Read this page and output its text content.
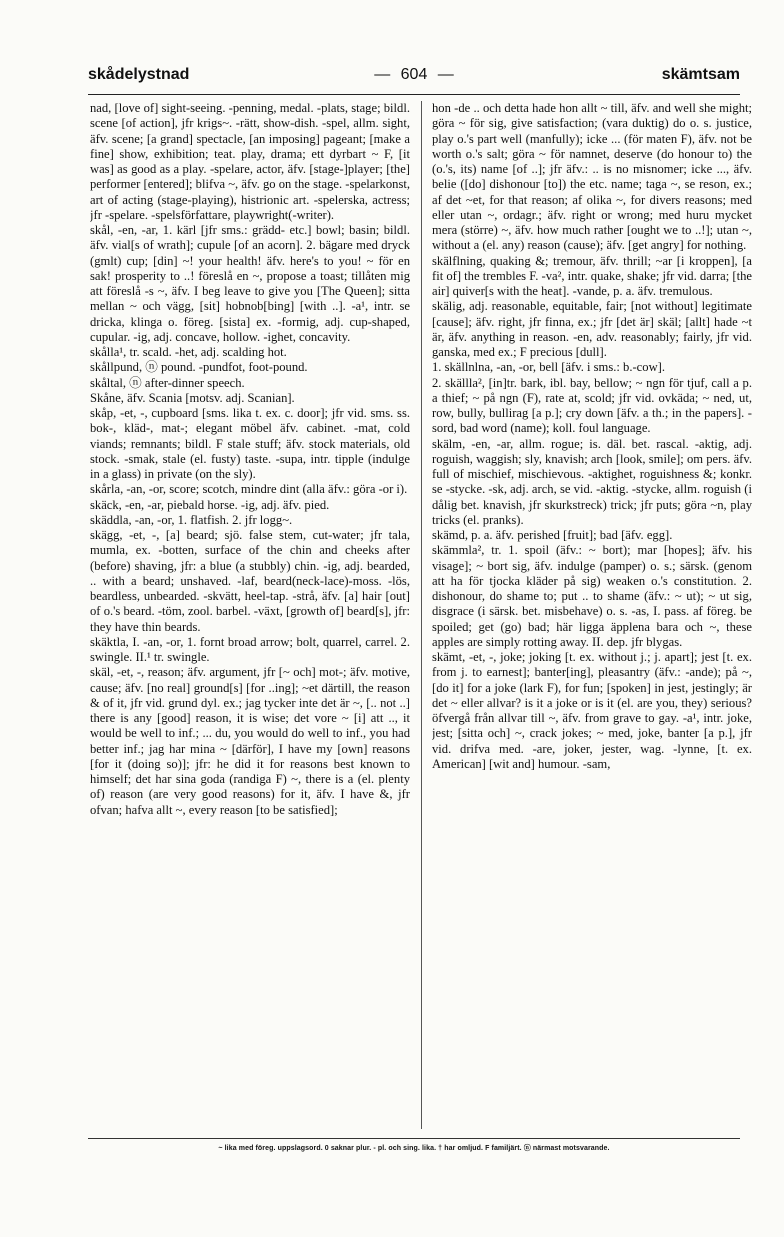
skådelystnad	— 604 —	skämtsam

nad, [love of] sight-seeing. -penning, medal. -plats, stage; bildl. scene [of action], jfr krigs~. -rätt, show-dish. -spel, allm. sight, äfv. scene; [a grand] spectacle, [an imposing] pageant; [make a fine] show, exhibition; teat. play, drama; ett dyrbart ~ F, [it was] as good as a play. -spelare, actor, äfv. [stage-]player; [the] performer [entered]; blifva ~, äfv. go on the stage. -spelarkonst, art of acting (stage-playing), histrionic art. -spelerska, actress; jfr -spelare. -spelsförfattare, playwright(-writer).

skål, -en, -ar, 1. kärl [jfr sms.: grädd- etc.] bowl; basin; bildl. äfv. vial[s of wrath]; cupule [of an acorn]. 2. bägare med dryck (gmlt) cup; [din] ~! your health! äfv. here's to you! ~ för en sak! prosperity to ..! föreslå en ~, propose a toast; tillåten mig att föreslå -s ~, äfv. I beg leave to give you [The Queen]; sitta mellan ~ och vägg, [sit] hobnob[bing] [with ..]. -a¹, intr. se dricka, klinga o. föreg. [sista] ex. -formig, adj. cup-shaped, cupular. -ig, adj. concave, hollow. -ighet, concavity.

skålla¹, tr. scald. -het, adj. scalding hot.

skållpund, ⓝ pound. -pundfot, foot-pound.

skåltal, ⓝ after-dinner speech.

Skåne, äfv. Scania [motsv. adj. Scanian].

skåp, -et, -, cupboard [sms. lika t. ex. c. door]; jfr vid. sms. ss. bok-, kläd-, mat-; elegant möbel äfv. cabinet. -mat, cold viands; remnants; bildl. F stale stuff; äfv. stock materials, old stock. -smak, stale (el. fusty) taste. -supa, intr. tipple (indulge in a glass) in private (on the sly).

skårla, -an, -or, score; scotch, mindre dint (alla äfv.: göra -or i).

skäck, -en, -ar, piebald horse. -ig, adj. äfv. pied.

skäddla, -an, -or, 1. flatfish. 2. jfr logg~.

skägg, -et, -, [a] beard; sjö. false stem, cut-water; jfr tala, mumla, ex. -botten, surface of the chin and cheeks after (before) shaving, jfr: a blue (a stubbly) chin. -ig, adj. bearded, .. with a beard; unshaved. -laf, beard(neck-lace)-moss. -lös, beardless, unbearded. -skvätt, heel-tap. -strå, äfv. [a] hair [out] of o.'s beard. -töm, zool. barbel. -växt, [growth of] beard[s], jfr: they have thin beards.

skäktla, I. -an, -or, 1. fornt broad arrow; bolt, quarrel, carrel. 2. swingle. II.¹ tr. swingle.

skäl, -et, -, reason; äfv. argument, jfr [~ och] mot-; äfv. motive, cause; äfv. [no real] ground[s] [for ..ing]; ~et därtill, the reason & of it, jfr vid. grund dyl. ex.; jag tycker inte det är ~, [.. not ..] there is any [good] reason, it is wise; det vore ~ [i] att .., it would be well to inf.; ... du, you would do well to inf., you had better inf.; jag har mina ~ [därför], I have my [own] reasons [for it (doing so)]; jfr: he did it for reasons best known to himself; det har sina goda (randiga F) ~, there is a (el. plenty of) reason (are very good reasons) for it, äfv. I have &, jfr ofvan; hafva allt ~, every reason [to be satisfied];

hon -de .. och detta hade hon allt ~ till, äfv. and well she might; göra ~ för sig, give satisfaction; (vara duktig) do o. s. justice, play o.'s part well (manfully); icke ... (för maten F), äfv. not be worth o.'s salt; göra ~ för namnet, deserve (do honour to) the (o.'s, its) name [of ..]; jfr äfv.: .. is no misnomer; icke ..., äfv. belie ([do] dishonour [to]) the etc. name; taga ~, se reson, ex.; af det ~et, for that reason; af olika ~, for divers reasons; med eller utan ~, ordagr.; äfv. right or wrong; med huru mycket mera (större) ~, äfv. how much rather [ought we to ..!]; utan ~, without a (el. any) reason (cause); äfv. [get angry] for nothing.

skälflning, quaking &; tremour, äfv. thrill; ~ar [i kroppen], [a fit of] the trembles F. -va², intr. quake, shake; jfr vid. darra; [the air] quiver[s with the heat]. -vande, p. a. äfv. tremulous.

skälig, adj. reasonable, equitable, fair; [not without] legitimate [cause]; äfv. right, jfr finna, ex.; jfr [det är] skäl; [allt] hade ~t är, äfv. anything in reason. -en, adv. reasonably; fairly, jfr vid. ganska, med ex.; F precious [dull].

1. skällnlna, -an, -or, bell [äfv. i sms.: b.-cow].

2. skällla², [in]tr. bark, ibl. bay, bellow; ~ ngn för tjuf, call a p. a thief; ~ på ngn (F), rate at, scold; jfr vid. ovkäda; ~ ned, ut, row, bully, bullirag [a p.]; cry down [äfv. a th.; in the papers]. -sord, bad word (name); koll. foul language.

skälm, -en, -ar, allm. rogue; is. däl. bet. rascal. -aktig, adj. roguish, waggish; sly, knavish; arch [look, smile]; om pers. äfv. full of mischief, mischievous. -aktighet, roguishness &; konkr. se -stycke. -sk, adj. arch, se vid. -aktig. -stycke, allm. roguish (i dålig bet. knavish, jfr skurkstreck) trick; jfr puts; göra ~n, play tricks (el. pranks).

skämd, p. a. äfv. perished [fruit]; bad [äfv. egg].

skämmla², tr. 1. spoil (äfv.: ~ bort); mar [hopes]; äfv. his visage]; ~ bort sig, äfv. indulge (pamper) o. s.; särsk. (genom att ha för tjocka kläder på sig) weaken o.'s constitution. 2. dishonour, do shame to; put .. to shame (äfv.: ~ ut); ~ ut sig, disgrace (i särsk. bet. misbehave) o. s. -as, I. pass. af föreg. be spoiled; get (go) bad; här ligga äpplena bara och ~, these apples are simply rotting away. II. dep. jfr blygas.

skämt, -et, -, joke; joking [t. ex. without j.; j. apart]; jest [t. ex. from j. to earnest]; banter[ing], pleasantry (äfv.: -ande); på ~, [do it] for a joke (lark F), for fun; [spoken] in jest, jestingly; är det ~ eller allvar? is it a joke or is it (el. are you, they) serious? öfvergå från allvar till ~, äfv. from grave to gay. -a¹, intr. joke, jest; [sitta och] ~, crack jokes; ~ med, joke, banter [a p.], jfr vid. drifva med. -are, joker, jester, wag. -lynne, [t. ex. American] [wit and] humour. -sam,

~ lika med föreg. uppslagsord. 0 saknar plur. - pl. och sing. lika. † har omljud. F familjärt. ⓝ närmast motsvarande.
